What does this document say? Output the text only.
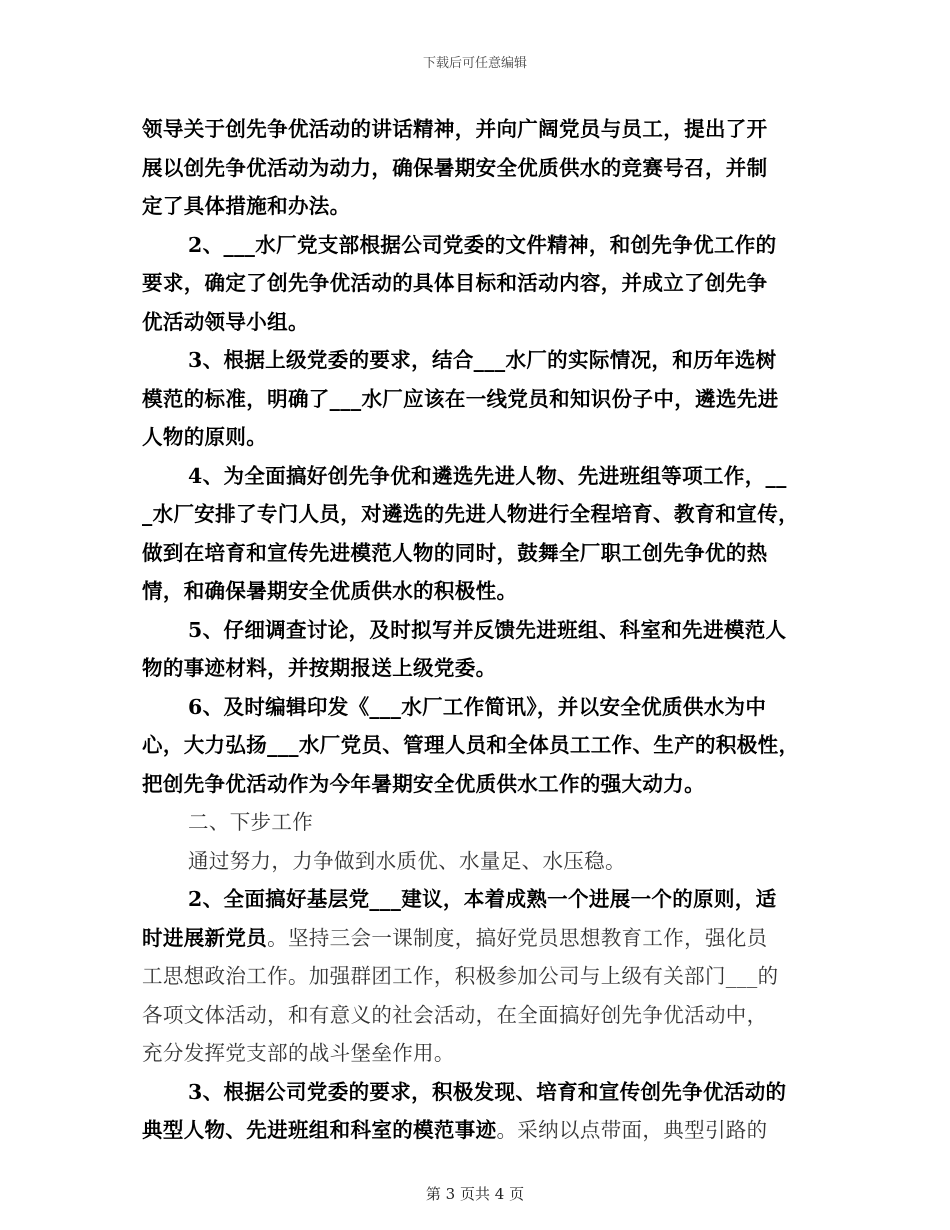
下载后可任意编辑
领导关于创先争优活动的讲话精神，并向广阔党员与员工，提出了开
展以创先争优活动为动力，确保暑期安全优质供水的竞赛号召，并制
定了具体措施和办法。
2、___水厂党支部根据公司党委的文件精神，和创先争优工作的
要求，确定了创先争优活动的具体目标和活动内容，并成立了创先争
优活动领导小组。
3、根据上级党委的要求，结合___水厂的实际情况，和历年选树
模范的标准，明确了___水厂应该在一线党员和知识份子中，遴选先进
人物的原则。
4、为全面搞好创先争优和遴选先进人物、先进班组等项工作，__
_水厂安排了专门人员，对遴选的先进人物进行全程培育、教育和宣传，
做到在培育和宣传先进模范人物的同时，鼓舞全厂职工创先争优的热
情，和确保暑期安全优质供水的积极性。
5、仔细调查讨论，及时拟写并反馈先进班组、科室和先进模范人
物的事迹材料，并按期报送上级党委。
6、及时编辑印发《___水厂工作简讯》，并以安全优质供水为中
心，大力弘扬___水厂党员、管理人员和全体员工工作、生产的积极性，
把创先争优活动作为今年暑期安全优质供水工作的强大动力。
二、下步工作
通过努力，力争做到水质优、水量足、水压稳。
2、全面搞好基层党___建议，本着成熟一个进展一个的原则，适
时进展新党员。坚持三会一课制度，搞好党员思想教育工作，强化员
工思想政治工作。加强群团工作，积极参加公司与上级有关部门___的
各项文体活动，和有意义的社会活动，在全面搞好创先争优活动中，
充分发挥党支部的战斗堡垒作用。
3、根据公司党委的要求，积极发现、培育和宣传创先争优活动的
典型人物、先进班组和科室的模范事迹。采纳以点带面，典型引路的
第 3 页共 4 页
